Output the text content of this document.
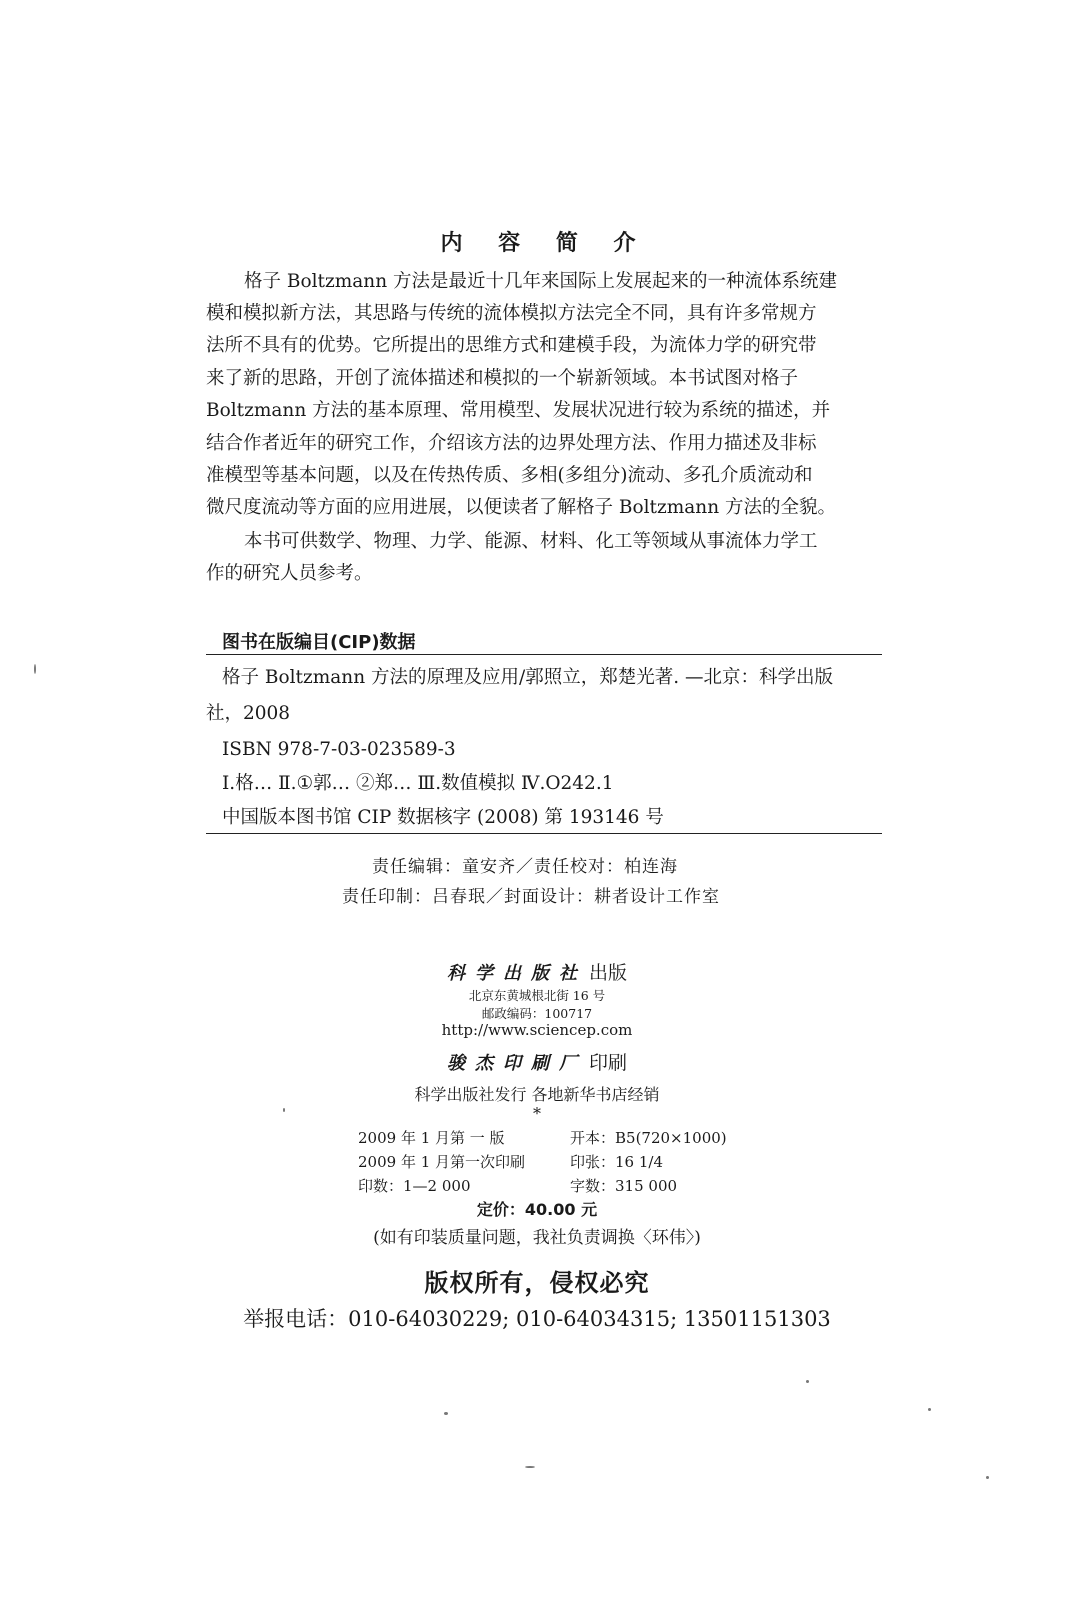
内 容 简 介
格子 Boltzmann 方法是最近十几年来国际上发展起来的一种流体系统建
模和模拟新方法，其思路与传统的流体模拟方法完全不同，具有许多常规方
法所不具有的优势。它所提出的思维方式和建模手段，为流体力学的研究带
来了新的思路，开创了流体描述和模拟的一个崭新领域。本书试图对格子
Boltzmann 方法的基本原理、常用模型、发展状况进行较为系统的描述，并
结合作者近年的研究工作，介绍该方法的边界处理方法、作用力描述及非标
准模型等基本问题，以及在传热传质、多相(多组分)流动、多孔介质流动和
微尺度流动等方面的应用进展，以便读者了解格子 Boltzmann 方法的全貌。
本书可供数学、物理、力学、能源、材料、化工等领域从事流体力学工
作的研究人员参考。
图书在版编目(CIP)数据
格子 Boltzmann 方法的原理及应用/郭照立，郑楚光著. —北京：科学出版
社，2008
ISBN 978-7-03-023589-3
Ⅰ.格… Ⅱ.①郭… ②郑… Ⅲ.数值模拟 Ⅳ.O242.1
中国版本图书馆 CIP 数据核字 (2008) 第 193146 号
责任编辑：童安齐／责任校对：柏连海
责任印制：吕春珉／封面设计：耕者设计工作室
科学出版社 出版
北京东黄城根北街 16 号
邮政编码：100717
http://www.sciencep.com
骏杰印刷厂 印刷
科学出版社发行 各地新华书店经销
*
2009 年 1 月第 一 版	开本：B5(720×1000)
2009 年 1 月第一次印刷	印张：16 1/4
印数：1—2 000	字数：315 000
定价：40.00 元
(如有印装质量问题，我社负责调换〈环伟〉)
版权所有，侵权必究
举报电话：010-64030229; 010-64034315; 13501151303
